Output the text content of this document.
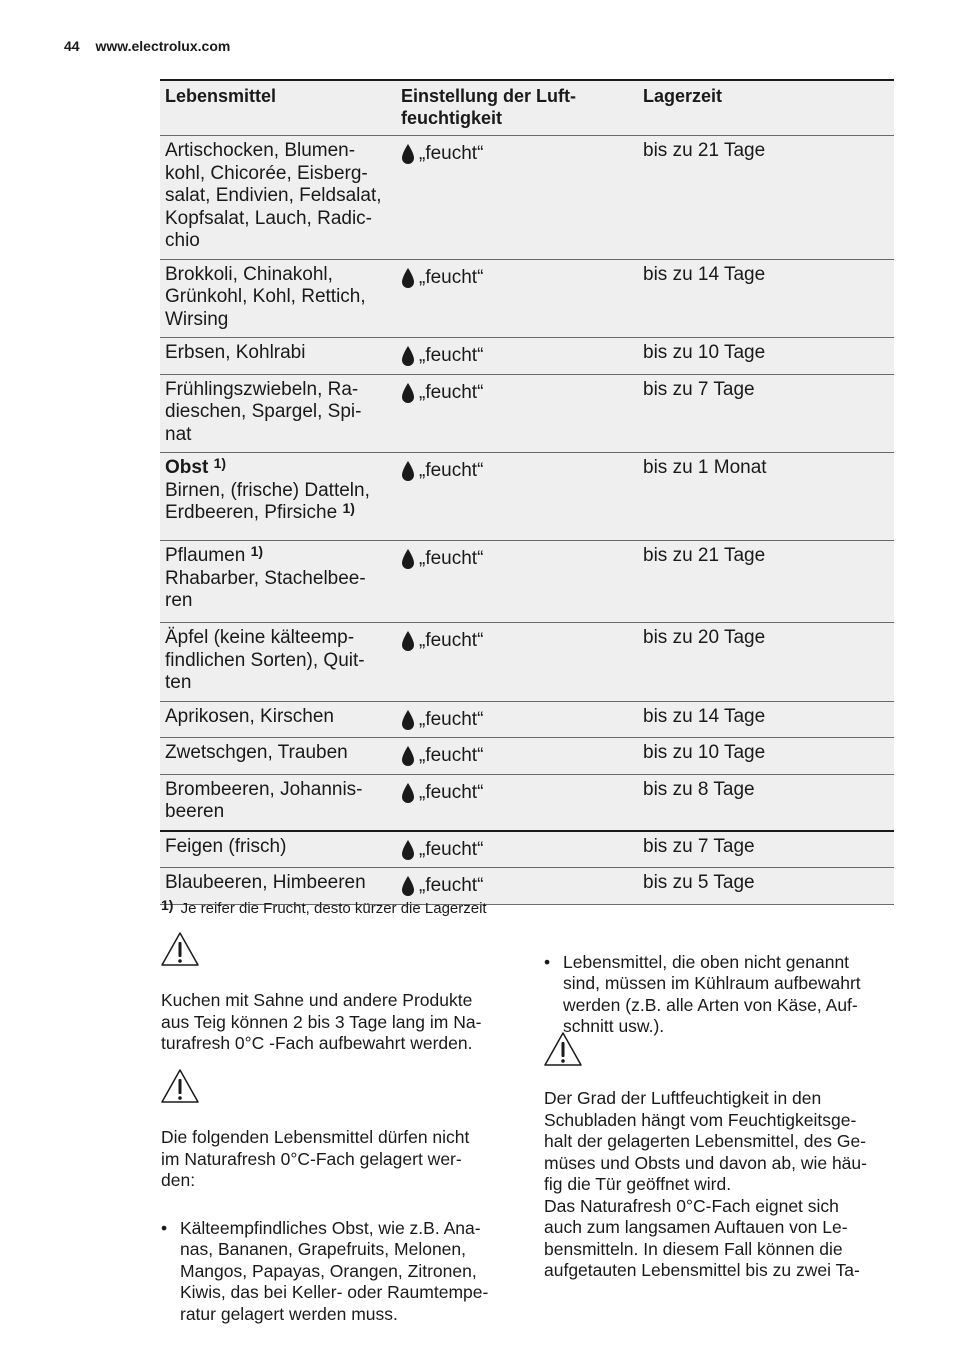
44 www.electrolux.com
Lebensmittel	Einstellung der Luft-
feuchtigkeit
Lagerzeit
Artischocken, Blumen-
kohl, Chicorée, Eisberg-
salat, Endivien, Feldsalat,
Kopfsalat, Lauch, Radic-
chio
„feucht“	bis zu 21 Tage
Brokkoli, Chinakohl,
Grünkohl, Kohl, Rettich,
Wirsing
„feucht“	bis zu 14 Tage
Erbsen, Kohlrabi	„feucht“	bis zu 10 Tage
Frühlingszwiebeln, Ra-
dieschen, Spargel, Spi-
nat
„feucht“	bis zu 7 Tage
Obst $^{1)}$
Birnen, (frische) Datteln,
Erdbeeren, Pfirsiche $^{1)}$
„feucht“	bis zu 1 Monat
Pflaumen $^{1)}$
Rhabarber, Stachelbee-
ren
„feucht“	bis zu 21 Tage
Äpfel (keine kälteemp-
findlichen Sorten), Quit-
ten
„feucht“	bis zu 20 Tage
Aprikosen, Kirschen	„feucht“	bis zu 14 Tage
Zwetschgen, Trauben	„feucht“	bis zu 10 Tage
Brombeeren, Johannis-
beeren
„feucht“	bis zu 8 Tage
Feigen (frisch)	„feucht“	bis zu 7 Tage
Blaubeeren, Himbeeren	„feucht“	bis zu 5 Tage
$^{1)}$ Je reifer die Frucht, desto kürzer die Lagerzeit

Kuchen mit Sahne und andere Produkte
aus Teig können 2 bis 3 Tage lang im Na-
turafresh 0°C -Fach aufbewahrt werden.

Die folgenden Lebensmittel dürfen nicht
im Naturafresh 0°C-Fach gelagert wer-
den:

• Kälteempfindliches Obst, wie z.B. Ana-
nas, Bananen, Grapefruits, Melonen,
Mangos, Papayas, Orangen, Zitronen,
Kiwis, das bei Keller- oder Raumtempe-
ratur gelagert werden muss.

• Lebensmittel, die oben nicht genannt
sind, müssen im Kühlraum aufbewahrt
werden (z.B. alle Arten von Käse, Auf-
schnitt usw.).

Der Grad der Luftfeuchtigkeit in den
Schubladen hängt vom Feuchtigkeitsge-
halt der gelagerten Lebensmittel, des Ge-
müses und Obsts und davon ab, wie häu-
fig die Tür geöffnet wird.
Das Naturafresh 0°C-Fach eignet sich
auch zum langsamen Auftauen von Le-
bensmitteln. In diesem Fall können die
aufgetauten Lebensmittel bis zu zwei Ta-
